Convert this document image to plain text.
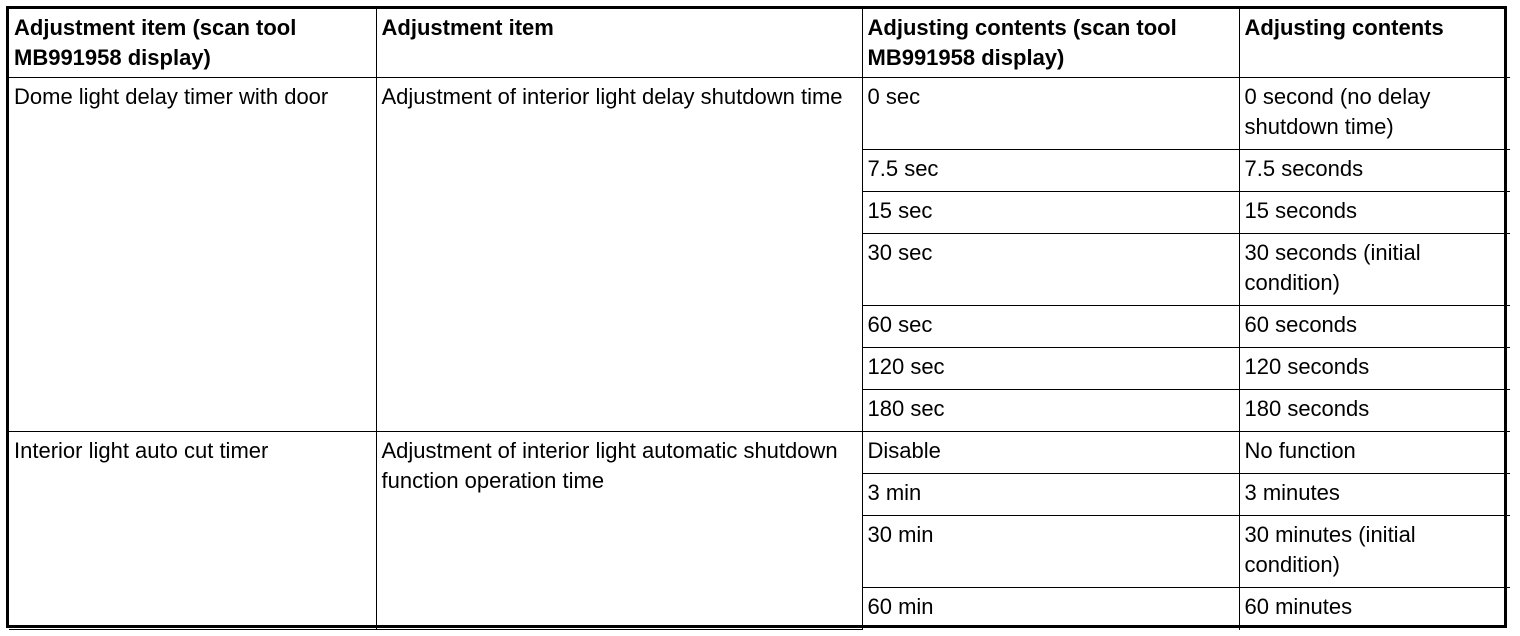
Adjustment item (scan tool MB991958 display)	Adjustment item	Adjusting contents (scan tool MB991958 display)	Adjusting contents
Dome light delay timer with door	Adjustment of interior light delay shutdown time	0 sec	0 second (no delay shutdown time)
		7.5 sec	7.5 seconds
		15 sec	15 seconds
		30 sec	30 seconds (initial condition)
		60 sec	60 seconds
		120 sec	120 seconds
		180 sec	180 seconds
Interior light auto cut timer	Adjustment of interior light automatic shutdown function operation time	Disable	No function
		3 min	3 minutes
		30 min	30 minutes (initial condition)
		60 min	60 minutes
